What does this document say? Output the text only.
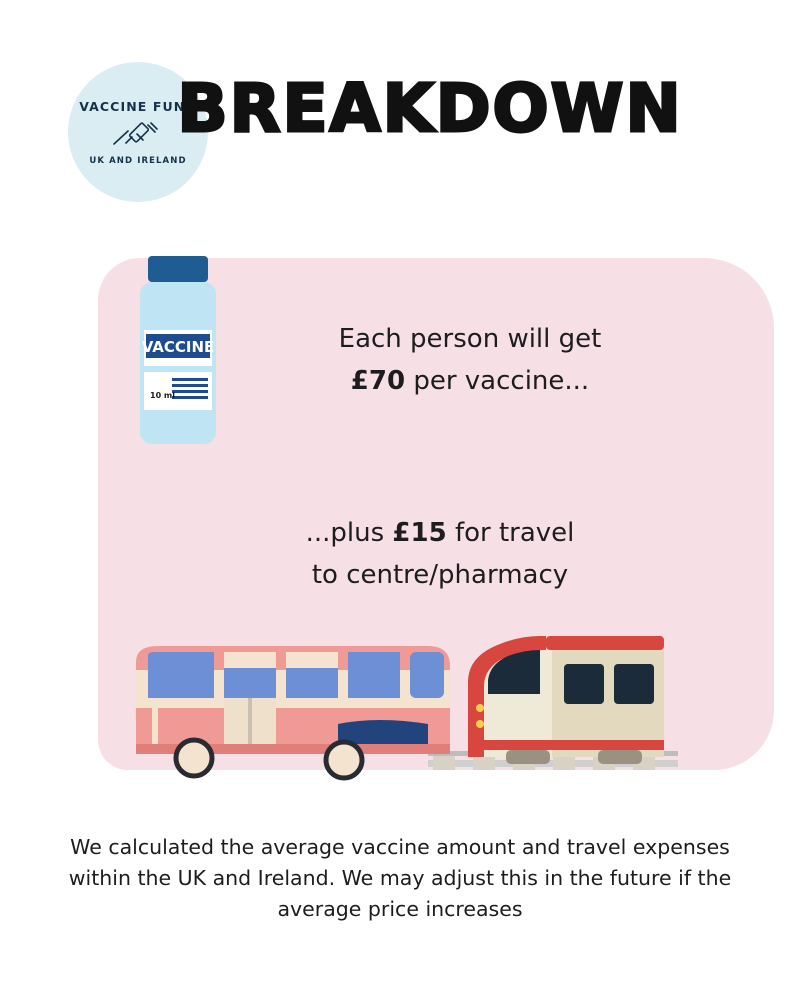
VACCINE FUND
UK AND IRELAND
BREAKDOWN
VACCINE
10 ml
Each person will get
£70 per vaccine...
...plus £15 for travel
to centre/pharmacy
We calculated the average vaccine amount and travel expenses within the UK and Ireland. We may adjust this in the future if the average price increases
